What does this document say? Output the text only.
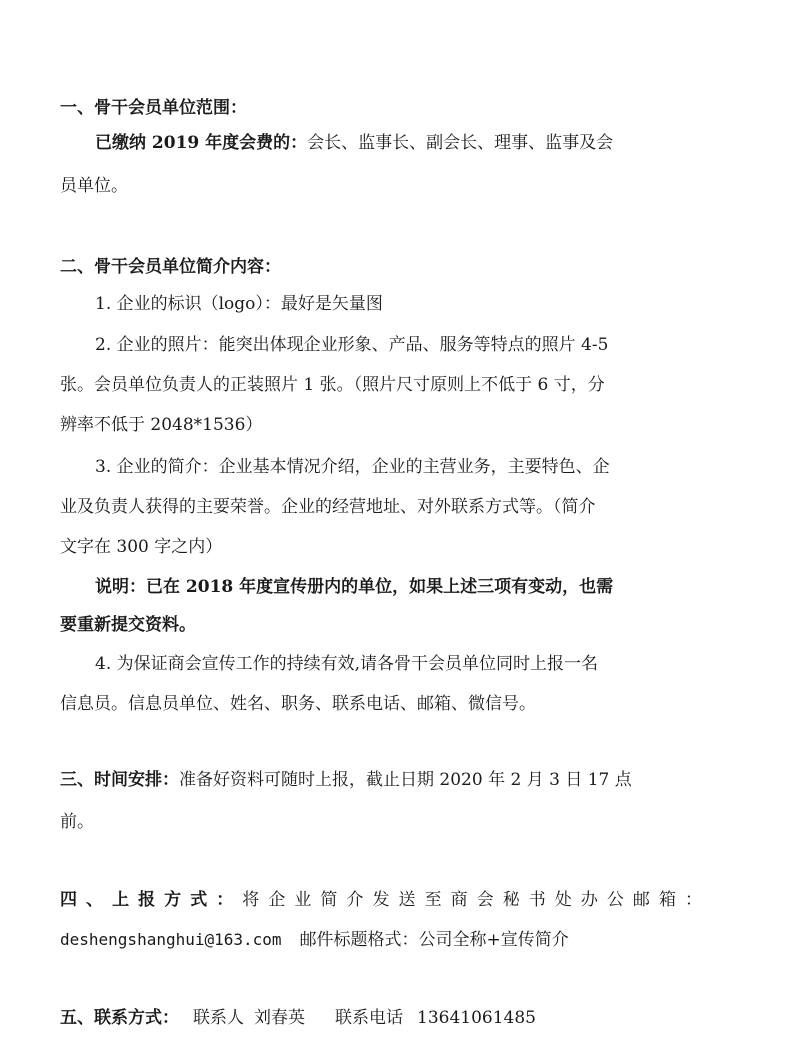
一、骨干会员单位范围：
已缴纳 2019 年度会费的：会长、监事长、副会长、理事、监事及会
员单位。
二、骨干会员单位简介内容：
1. 企业的标识（logo）：最好是矢量图
2. 企业的照片：能突出体现企业形象、产品、服务等特点的照片 4-5
张。会员单位负责人的正装照片 1 张。（照片尺寸原则上不低于 6 寸，分
辨率不低于 2048*1536）
3. 企业的简介：企业基本情况介绍，企业的主营业务，主要特色、企
业及负责人获得的主要荣誉。企业的经营地址、对外联系方式等。（简介
文字在 300 字之内）
说明：已在 2018 年度宣传册内的单位，如果上述三项有变动，也需
要重新提交资料。
4. 为保证商会宣传工作的持续有效,请各骨干会员单位同时上报一名
信息员。信息员单位、姓名、职务、联系电话、邮箱、微信号。
三、时间安排：准备好资料可随时上报，截止日期 2020 年 2 月 3 日 17 点
前。
四、上报方式：将企业简介发送至商会秘书处办公邮箱：
deshengshanghui@163.com 邮件标题格式：公司全称+宣传简介
五、联系方式： 联系人 刘春英 联系电话 13641061485
